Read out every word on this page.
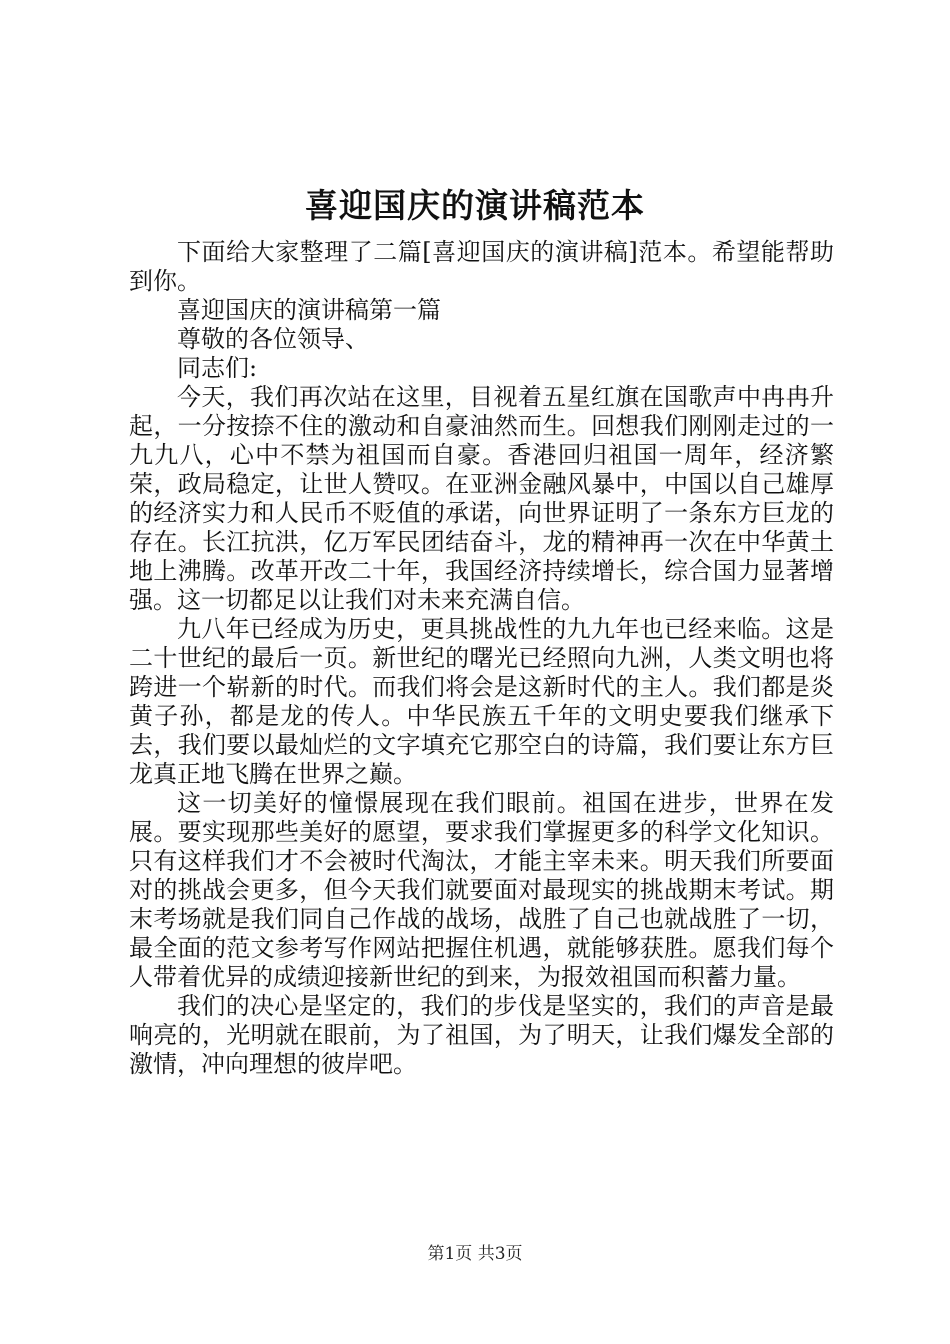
喜迎国庆的演讲稿范本

下面给大家整理了二篇[喜迎国庆的演讲稿]范本。希望能帮助到你。

喜迎国庆的演讲稿第一篇

尊敬的各位领导、

同志们:

今天，我们再次站在这里，目视着五星红旗在国歌声中冉冉升起，一分按捺不住的激动和自豪油然而生。回想我们刚刚走过的一九九八，心中不禁为祖国而自豪。香港回归祖国一周年，经济繁荣，政局稳定，让世人赞叹。在亚洲金融风暴中，中国以自己雄厚的经济实力和人民币不贬值的承诺，向世界证明了一条东方巨龙的存在。长江抗洪，亿万军民团结奋斗，龙的精神再一次在中华黄土地上沸腾。改革开改二十年，我国经济持续增长，综合国力显著增强。这一切都足以让我们对未来充满自信。

九八年已经成为历史，更具挑战性的九九年也已经来临。这是二十世纪的最后一页。新世纪的曙光已经照向九洲，人类文明也将跨进一个崭新的时代。而我们将会是这新时代的主人。我们都是炎黄子孙，都是龙的传人。中华民族五千年的文明史要我们继承下去，我们要以最灿烂的文字填充它那空白的诗篇，我们要让东方巨龙真正地飞腾在世界之巅。

这一切美好的憧憬展现在我们眼前。祖国在进步，世界在发展。要实现那些美好的愿望，要求我们掌握更多的科学文化知识。只有这样我们才不会被时代淘汰，才能主宰未来。明天我们所要面对的挑战会更多，但今天我们就要面对最现实的挑战期末考试。期末考场就是我们同自己作战的战场，战胜了自己也就战胜了一切，最全面的范文参考写作网站把握住机遇，就能够获胜。愿我们每个人带着优异的成绩迎接新世纪的到来，为报效祖国而积蓄力量。

我们的决心是坚定的，我们的步伐是坚实的，我们的声音是最响亮的，光明就在眼前，为了祖国，为了明天，让我们爆发全部的激情，冲向理想的彼岸吧。

第1页 共3页
